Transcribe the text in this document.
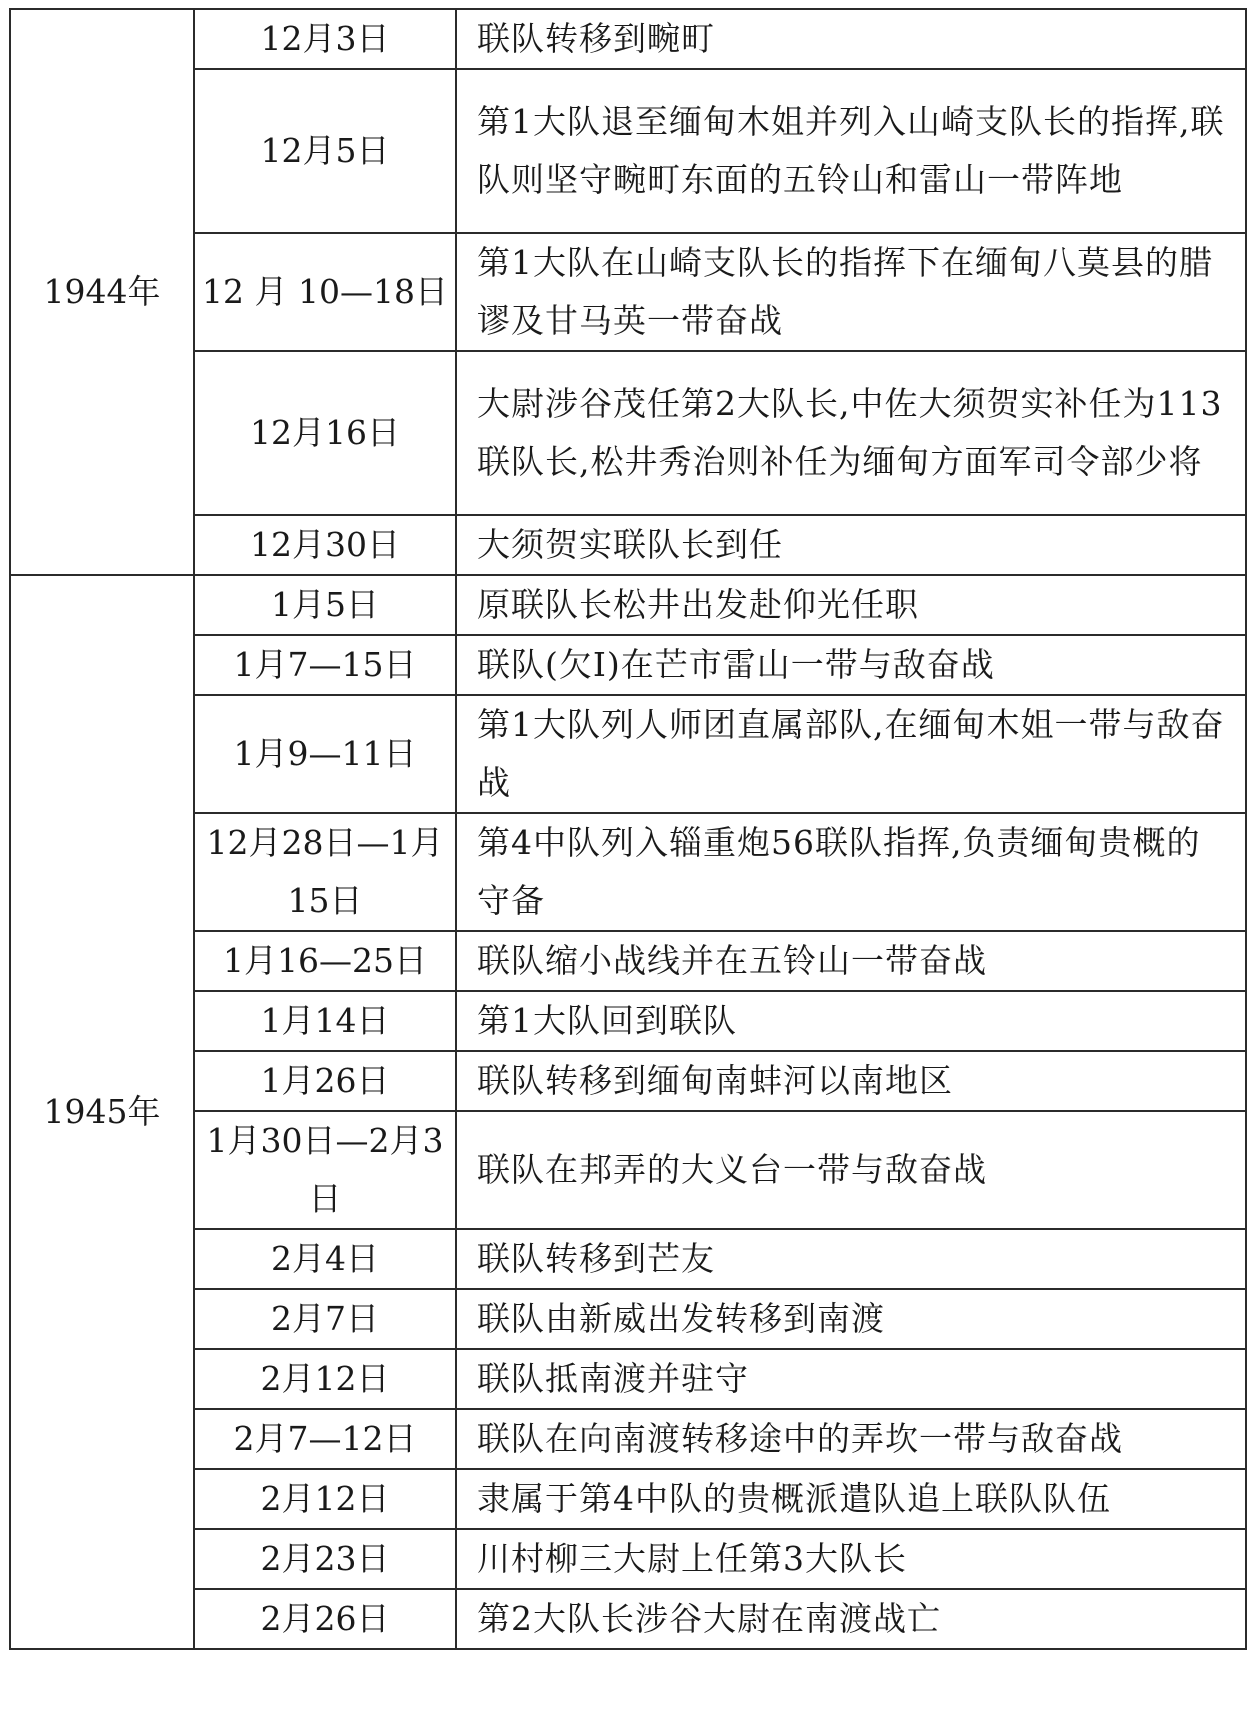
1944年	12月3日	联队转移到畹町
	12月5日	第1大队退至缅甸木姐并列入山崎支队长的指挥,联队则坚守畹町东面的五铃山和雷山一带阵地
	12 月 10—18日	第1大队在山崎支队长的指挥下在缅甸八莫县的腊谬及甘马英一带奋战
	12月16日	大尉涉谷茂任第2大队长,中佐大须贺实补任为113联队长,松井秀治则补任为缅甸方面军司令部少将
	12月30日	大须贺实联队长到任
1945年	1月5日	原联队长松井出发赴仰光任职
	1月7—15日	联队(欠Ⅰ)在芒市雷山一带与敌奋战
	1月9—11日	第1大队列人师团直属部队,在缅甸木姐一带与敌奋战
	12月28日—1月15日	第4中队列入辎重炮56联队指挥,负责缅甸贵概的守备
	1月16—25日	联队缩小战线并在五铃山一带奋战
	1月14日	第1大队回到联队
	1月26日	联队转移到缅甸南蚌河以南地区
	1月30日—2月3日	联队在邦弄的大义台一带与敌奋战
	2月4日	联队转移到芒友
	2月7日	联队由新威出发转移到南渡
	2月12日	联队抵南渡并驻守
	2月7—12日	联队在向南渡转移途中的弄坎一带与敌奋战
	2月12日	隶属于第4中队的贵概派遣队追上联队队伍
	2月23日	川村柳三大尉上任第3大队长
	2月26日	第2大队长涉谷大尉在南渡战亡
